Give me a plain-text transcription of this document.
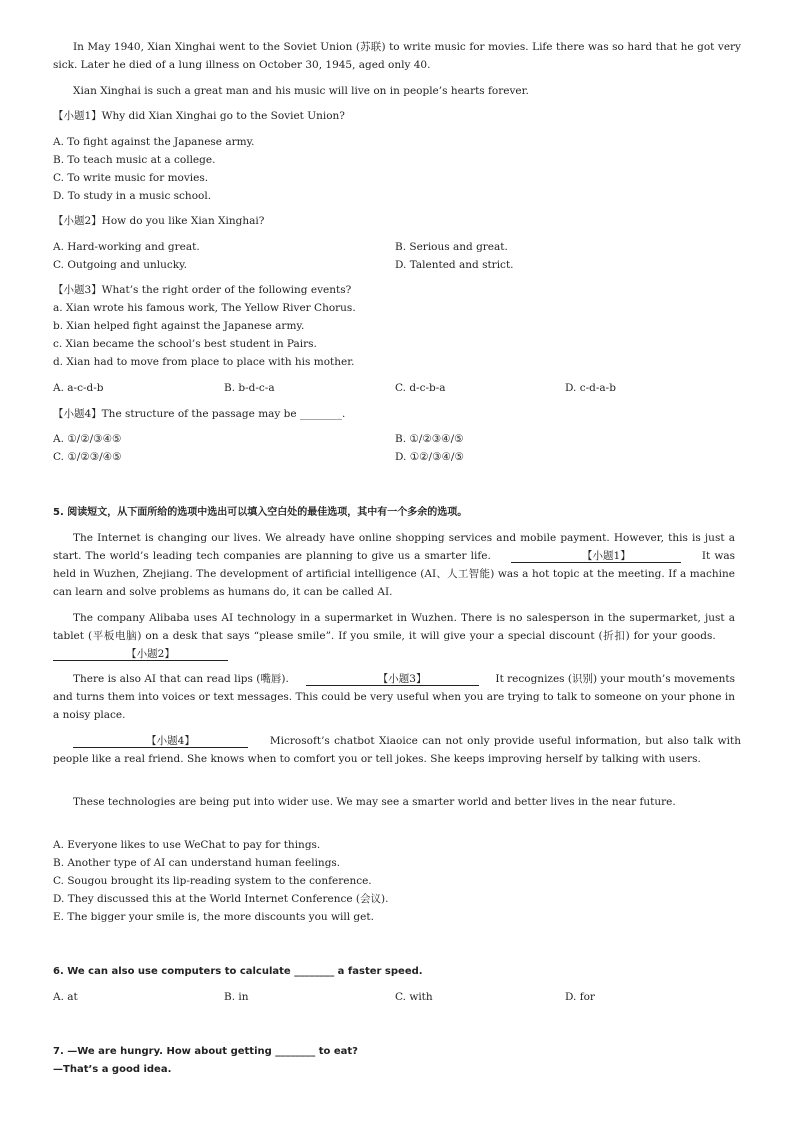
In May 1940, Xian Xinghai went to the Soviet Union (苏联) to write music for movies. Life there was so hard that he got very sick. Later he died of a lung illness on October 30, 1945, aged only 40.
Xian Xinghai is such a great man and his music will live on in people’s hearts forever.
【小题1】Why did Xian Xinghai go to the Soviet Union?
A. To fight against the Japanese army.
B. To teach music at a college.
C. To write music for movies.
D. To study in a music school.
【小题2】How do you like Xian Xinghai?
A. Hard-working and great.	B. Serious and great.
C. Outgoing and unlucky.	D. Talented and strict.
【小题3】What’s the right order of the following events?
a. Xian wrote his famous work, The Yellow River Chorus.
b. Xian helped fight against the Japanese army.
c. Xian became the school’s best student in Pairs.
d. Xian had to move from place to place with his mother.
A. a-c-d-b	B. b-d-c-a	C. d-c-b-a	D. c-d-a-b
【小题4】The structure of the passage may be ________.
A. ①/②/③④⑤	B. ①/②③④/⑤
C. ①/②③/④⑤	D. ①②/③④/⑤
5. 阅读短文，从下面所给的选项中选出可以填入空白处的最佳选项，其中有一个多余的选项。
The Internet is changing our lives. We already have online shopping services and mobile payment. However, this is just a start. The world’s leading tech companies are planning to give us a smarter life.	【小题1】	It was held in Wuzhen, Zhejiang. The development of artificial intelligence (AI、人工智能) was a hot topic at the meeting. If a machine can learn and solve problems as humans do, it can be called AI.
The company Alibaba uses AI technology in a supermarket in Wuzhen. There is no salesperson in the supermarket, just a tablet (平板电脑) on a desk that says “please smile”. If you smile, it will give your a special discount (折扣) for your goods.     【小题2】
There is also AI that can read lips (嘴唇).	【小题3】	It recognizes (识别) your mouth’s movements and turns them into voices or text messages. This could be very useful when you are trying to talk to someone on your phone in a noisy place.
【小题4】	Microsoft’s chatbot Xiaoice can not only provide useful information, but also talk with people like a real friend. She knows when to comfort you or tell jokes. She keeps improving herself by talking with users.
These technologies are being put into wider use. We may see a smarter world and better lives in the near future.
A. Everyone likes to use WeChat to pay for things.
B. Another type of AI can understand human feelings.
C. Sougou brought its lip-reading system to the conference.
D. They discussed this at the World Internet Conference (会议).
E. The bigger your smile is, the more discounts you will get.
6. We can also use computers to calculate ________ a faster speed.
A. at	B. in	C. with	D. for
7. —We are hungry. How about getting ________ to eat?
—That’s a good idea.
